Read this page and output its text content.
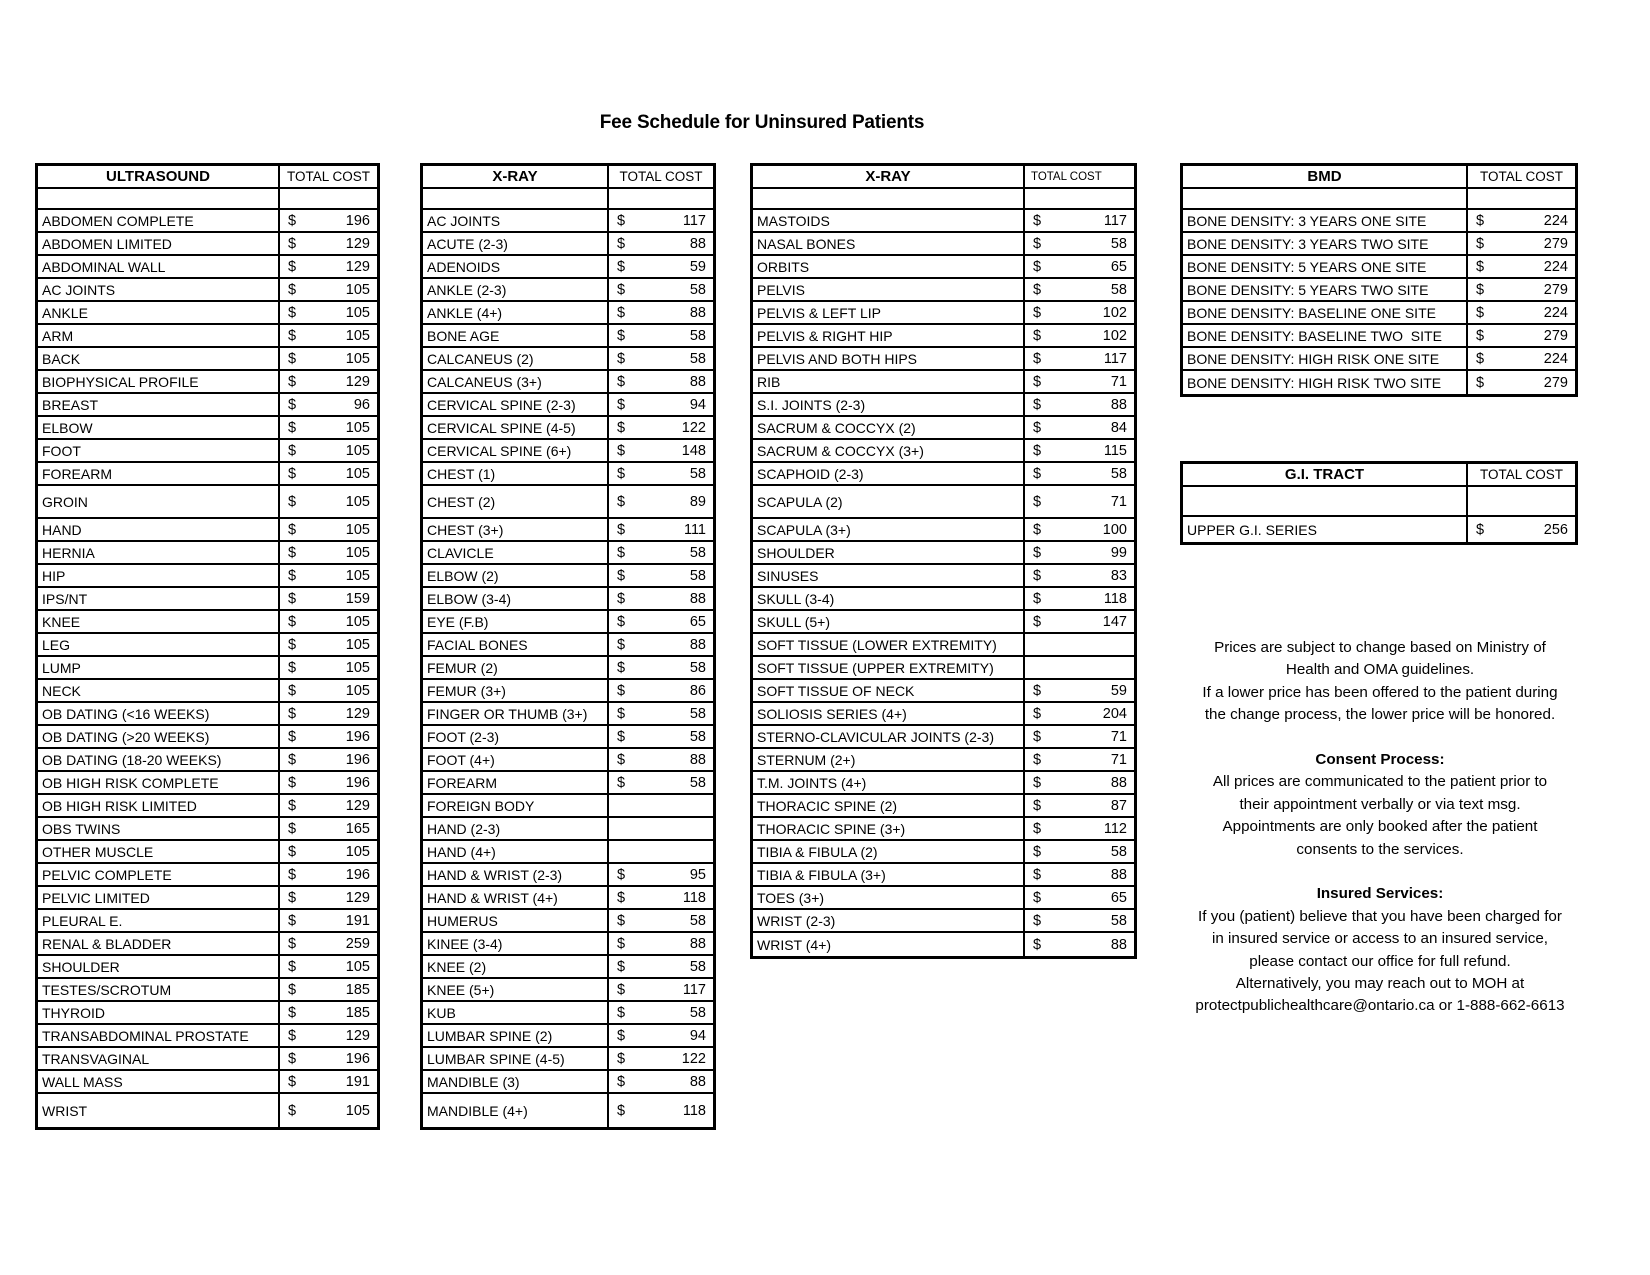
Fee Schedule for Uninsured Patients
ULTRASOUND	TOTAL COST

ABDOMEN COMPLETE	$ 196

ABDOMEN LIMITED	$ 129

ABDOMINAL WALL	$ 129

AC JOINTS	$ 105

ANKLE	$ 105

ARM	$ 105

BACK	$ 105

BIOPHYSICAL PROFILE	$ 129

BREAST	$ 96

ELBOW	$ 105

FOOT	$ 105

FOREARM	$ 105

GROIN	$ 105

HAND	$ 105

HERNIA	$ 105

HIP	$ 105

IPS/NT	$ 159

KNEE	$ 105

LEG	$ 105

LUMP	$ 105

NECK	$ 105

OB DATING (<16 WEEKS)	$ 129

OB DATING (>20 WEEKS)	$ 196

OB DATING (18-20 WEEKS)	$ 196

OB HIGH RISK COMPLETE	$ 196

OB HIGH RISK LIMITED	$ 129

OBS TWINS	$ 165

OTHER MUSCLE	$ 105

PELVIC COMPLETE	$ 196

PELVIC LIMITED	$ 129

PLEURAL E.	$ 191

RENAL & BLADDER	$ 259

SHOULDER	$ 105

TESTES/SCROTUM	$ 185

THYROID	$ 185

TRANSABDOMINAL PROSTATE	$ 129

TRANSVAGINAL	$ 196

WALL MASS	$ 191

WRIST	$ 105
X-RAY	TOTAL COST

AC JOINTS	$ 117

ACUTE (2-3)	$ 88

ADENOIDS	$ 59

ANKLE (2-3)	$ 58

ANKLE (4+)	$ 88

BONE AGE	$ 58

CALCANEUS (2)	$ 58

CALCANEUS (3+)	$ 88

CERVICAL SPINE (2-3)	$ 94

CERVICAL SPINE (4-5)	$ 122

CERVICAL SPINE (6+)	$ 148

CHEST (1)	$ 58

CHEST (2)	$ 89

CHEST (3+)	$ 111

CLAVICLE	$ 58

ELBOW (2)	$ 58

ELBOW (3-4)	$ 88

EYE (F.B)	$ 65

FACIAL BONES	$ 88

FEMUR (2)	$ 58

FEMUR (3+)	$ 86

FINGER OR THUMB (3+)	$ 58

FOOT (2-3)	$ 58

FOOT (4+)	$ 88

FOREARM	$ 58

FOREIGN BODY	
HAND (2-3)	
HAND (4+)	
HAND & WRIST (2-3)	$ 95

HAND & WRIST (4+)	$ 118

HUMERUS	$ 58

KINEE (3-4)	$ 88

KNEE (2)	$ 58

KNEE (5+)	$ 117

KUB	$ 58

LUMBAR SPINE (2)	$ 94

LUMBAR SPINE (4-5)	$ 122

MANDIBLE (3)	$ 88

MANDIBLE (4+)	$ 118
X-RAY	TOTAL COST

MASTOIDS	$ 117

NASAL BONES	$ 58

ORBITS	$ 65

PELVIS	$ 58

PELVIS & LEFT LIP	$ 102

PELVIS & RIGHT HIP	$ 102

PELVIS AND BOTH HIPS	$ 117

RIB	$ 71

S.I. JOINTS (2-3)	$ 88

SACRUM & COCCYX (2)	$ 84

SACRUM & COCCYX (3+)	$ 115

SCAPHOID (2-3)	$ 58

SCAPULA (2)	$ 71

SCAPULA (3+)	$ 100

SHOULDER	$ 99

SINUSES	$ 83

SKULL (3-4)	$ 118

SKULL (5+)	$ 147

SOFT TISSUE (LOWER EXTREMITY)	
SOFT TISSUE (UPPER EXTREMITY)	
SOFT TISSUE OF NECK	$ 59

SOLIOSIS SERIES (4+)	$ 204

STERNO-CLAVICULAR JOINTS (2-3)	$ 71

STERNUM (2+)	$ 71

T.M. JOINTS (4+)	$ 88

THORACIC SPINE (2)	$ 87

THORACIC SPINE (3+)	$ 112

TIBIA & FIBULA (2)	$ 58

TIBIA & FIBULA (3+)	$ 88

TOES (3+)	$ 65

WRIST (2-3)	$ 58

WRIST (4+)	$ 88
BMD	TOTAL COST

BONE DENSITY: 3 YEARS ONE SITE	$ 224

BONE DENSITY: 3 YEARS TWO SITE	$ 279

BONE DENSITY: 5 YEARS ONE SITE	$ 224

BONE DENSITY: 5 YEARS TWO SITE	$ 279

BONE DENSITY: BASELINE ONE SITE	$ 224

BONE DENSITY: BASELINE TWO  SITE	$ 279

BONE DENSITY: HIGH RISK ONE SITE	$ 224

BONE DENSITY: HIGH RISK TWO SITE	$ 279
G.I. TRACT	TOTAL COST

UPPER G.I. SERIES	$ 256
Prices are subject to change based on Ministry of
Health and OMA guidelines.
If a lower price has been offered to the patient during
the change process, the lower price will be honored.
Consent Process:
All prices are communicated to the patient prior to
their appointment verbally or via text msg.
Appointments are only booked after the patient
consents to the services.
Insured Services:
If you (patient) believe that you have been charged for
in insured service or access to an insured service,
please contact our office for full refund.
Alternatively, you may reach out to MOH at
protectpublichealthcare@ontario.ca or 1-888-662-6613
